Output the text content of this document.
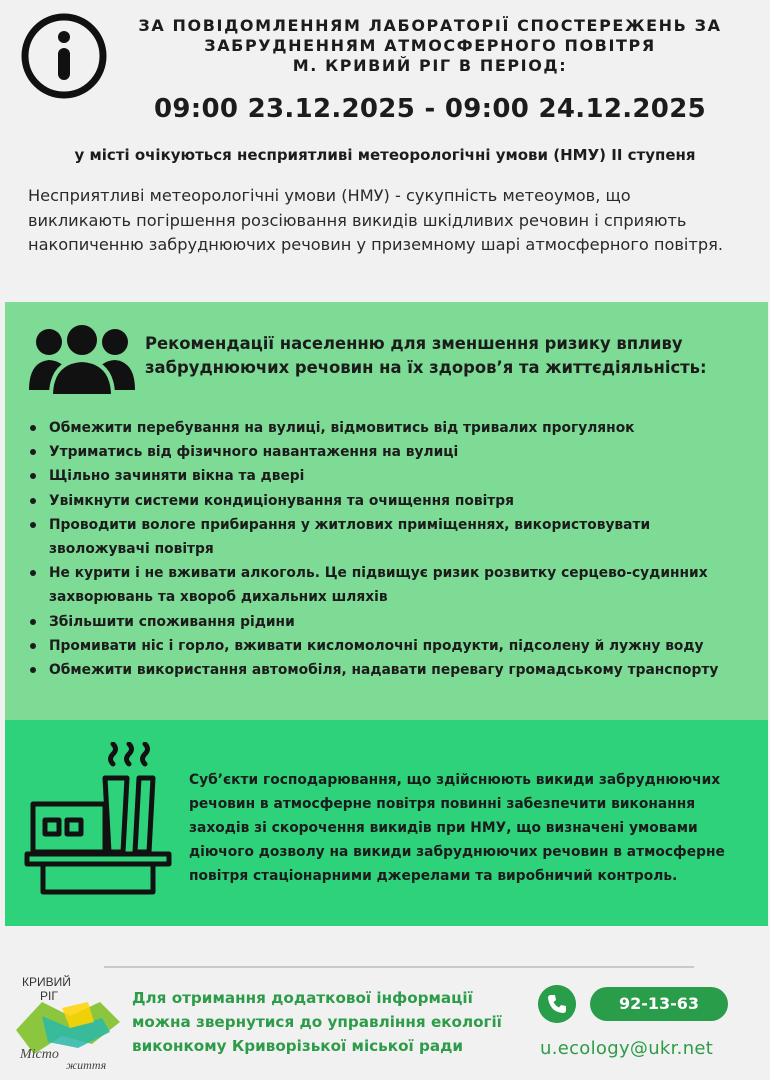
ЗА ПОВІДОМЛЕННЯМ ЛАБОРАТОРІЇ СПОСТЕРЕЖЕНЬ ЗА
ЗАБРУДНЕННЯМ АТМОСФЕРНОГО ПОВІТРЯ
М. КРИВИЙ РІГ В ПЕРІОД:
09:00 23.12.2025 - 09:00 24.12.2025
у місті очікуються несприятливі метеорологічні умови (НМУ) ІІ ступеня
Несприятливі метеорологічні умови (НМУ) - сукупність метеоумов, що викликають погіршення розсіювання викидів шкідливих речовин і сприяють накопиченню забруднюючих речовин у приземному шарі атмосферного повітря.
Рекомендації населенню для зменшення ризику впливу забруднюючих речовин на їх здоров’я та життєдіяльність:
Обмежити перебування на вулиці, відмовитись від тривалих прогулянок
Утриматись від фізичного навантаження на вулиці
Щільно зачиняти вікна та двері
Увімкнути системи кондиціонування та очищення повітря
Проводити вологе прибирання у житлових приміщеннях, використовувати зволожувачі повітря
Не курити і не вживати алкоголь. Це підвищує ризик розвитку серцево-судинних захворювань та хвороб дихальних шляхів
Збільшити споживання рідини
Промивати ніс і горло, вживати кисломолочні продукти, підсолену й лужну воду
Обмежити використання автомобіля, надавати перевагу громадському транспорту
Суб’єкти господарювання, що здійснюють викиди забруднюючих речовин в атмосферне повітря повинні забезпечити виконання заходів зі скорочення викидів при НМУ, що визначені умовами діючого дозволу на викиди забруднюючих речовин в атмосферне повітря стаціонарними джерелами та виробничий контроль.
КРИВИЙ
РІГ
Місто
життя
Для отримання додаткової інформації можна звернутися до управління екології виконкому Криворізької міської ради
92-13-63
u.ecology@ukr.net
